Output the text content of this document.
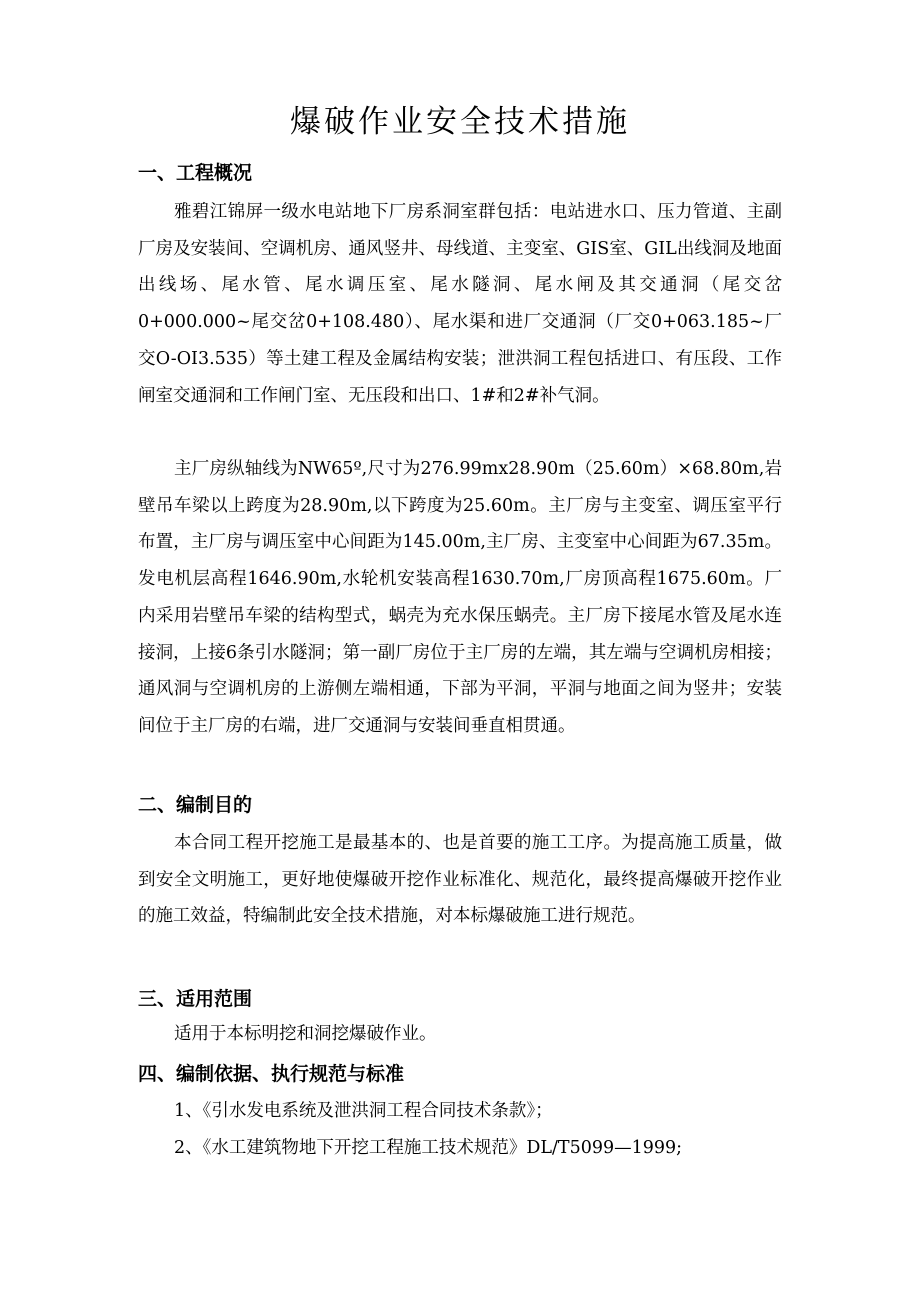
爆破作业安全技术措施
一、工程概况
雅碧江锦屏一级水电站地下厂房系洞室群包括：电站进水口、压力管道、主副厂房及安装间、空调机房、通风竖井、母线道、主变室、GIS室、GIL出线洞及地面出线场、尾水管、尾水调压室、尾水隧洞、尾水闸及其交通洞（尾交岔0+000.000~尾交岔0+108.480）、尾水渠和进厂交通洞（厂交0+063.185~厂交O-OI3.535）等土建工程及金属结构安装；泄洪洞工程包括进口、有压段、工作闸室交通洞和工作闸门室、无压段和出口、1#和2#补气洞。
主厂房纵轴线为NW65º,尺寸为276.99mx28.90m（25.60m）×68.80m,岩壁吊车梁以上跨度为28.90m,以下跨度为25.60m。主厂房与主变室、调压室平行布置，主厂房与调压室中心间距为145.00m,主厂房、主变室中心间距为67.35m。发电机层高程1646.90m,水轮机安装高程1630.70m,厂房顶高程1675.60m。厂内采用岩壁吊车梁的结构型式，蜗壳为充水保压蜗壳。主厂房下接尾水管及尾水连接洞，上接6条引水隧洞；第一副厂房位于主厂房的左端，其左端与空调机房相接；通风洞与空调机房的上游侧左端相通，下部为平洞，平洞与地面之间为竖井；安装间位于主厂房的右端，进厂交通洞与安装间垂直相贯通。
二、编制目的
本合同工程开挖施工是最基本的、也是首要的施工工序。为提高施工质量，做到安全文明施工，更好地使爆破开挖作业标准化、规范化，最终提高爆破开挖作业的施工效益，特编制此安全技术措施，对本标爆破施工进行规范。
三、适用范围
适用于本标明挖和洞挖爆破作业。
四、编制依据、执行规范与标准
1、《引水发电系统及泄洪洞工程合同技术条款》；
2、《水工建筑物地下开挖工程施工技术规范》DL/T5099—1999;
